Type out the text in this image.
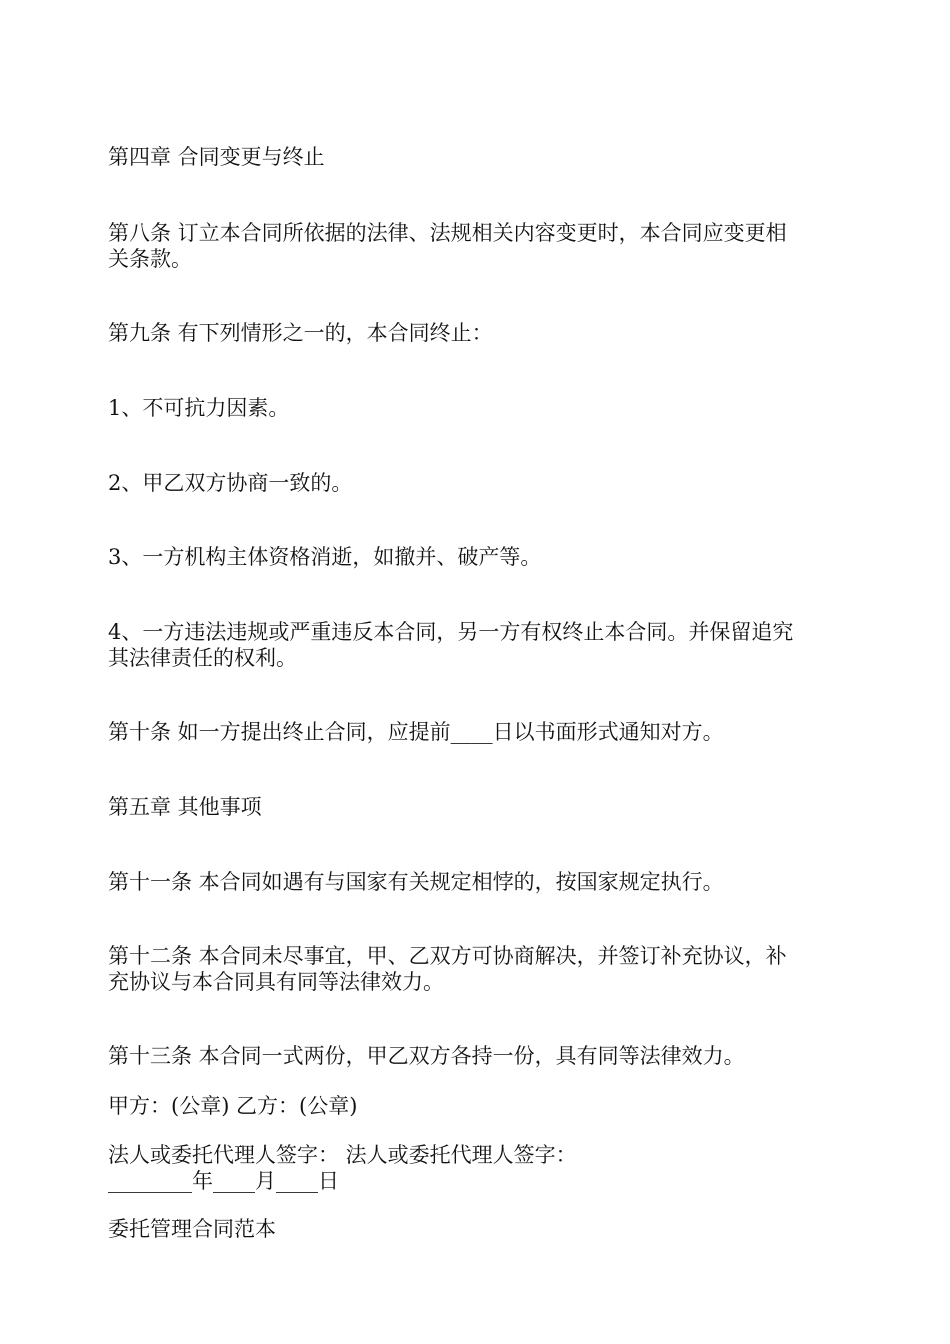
第四章 合同变更与终止
第八条 订立本合同所依据的法律、法规相关内容变更时，本合同应变更相
关条款。
第九条 有下列情形之一的，本合同终止：
1、不可抗力因素。
2、甲乙双方协商一致的。
3、一方机构主体资格消逝，如撤并、破产等。
4、一方违法违规或严重违反本合同，另一方有权终止本合同。并保留追究
其法律责任的权利。
第十条 如一方提出终止合同，应提前____日以书面形式通知对方。
第五章 其他事项
第十一条 本合同如遇有与国家有关规定相悖的，按国家规定执行。
第十二条 本合同未尽事宜，甲、乙双方可协商解决，并签订补充协议，补
充协议与本合同具有同等法律效力。
第十三条 本合同一式两份，甲乙双方各持一份，具有同等法律效力。
甲方：(公章) 乙方：(公章)
法人或委托代理人签字： 法人或委托代理人签字：
________年____月____日
委托管理合同范本
